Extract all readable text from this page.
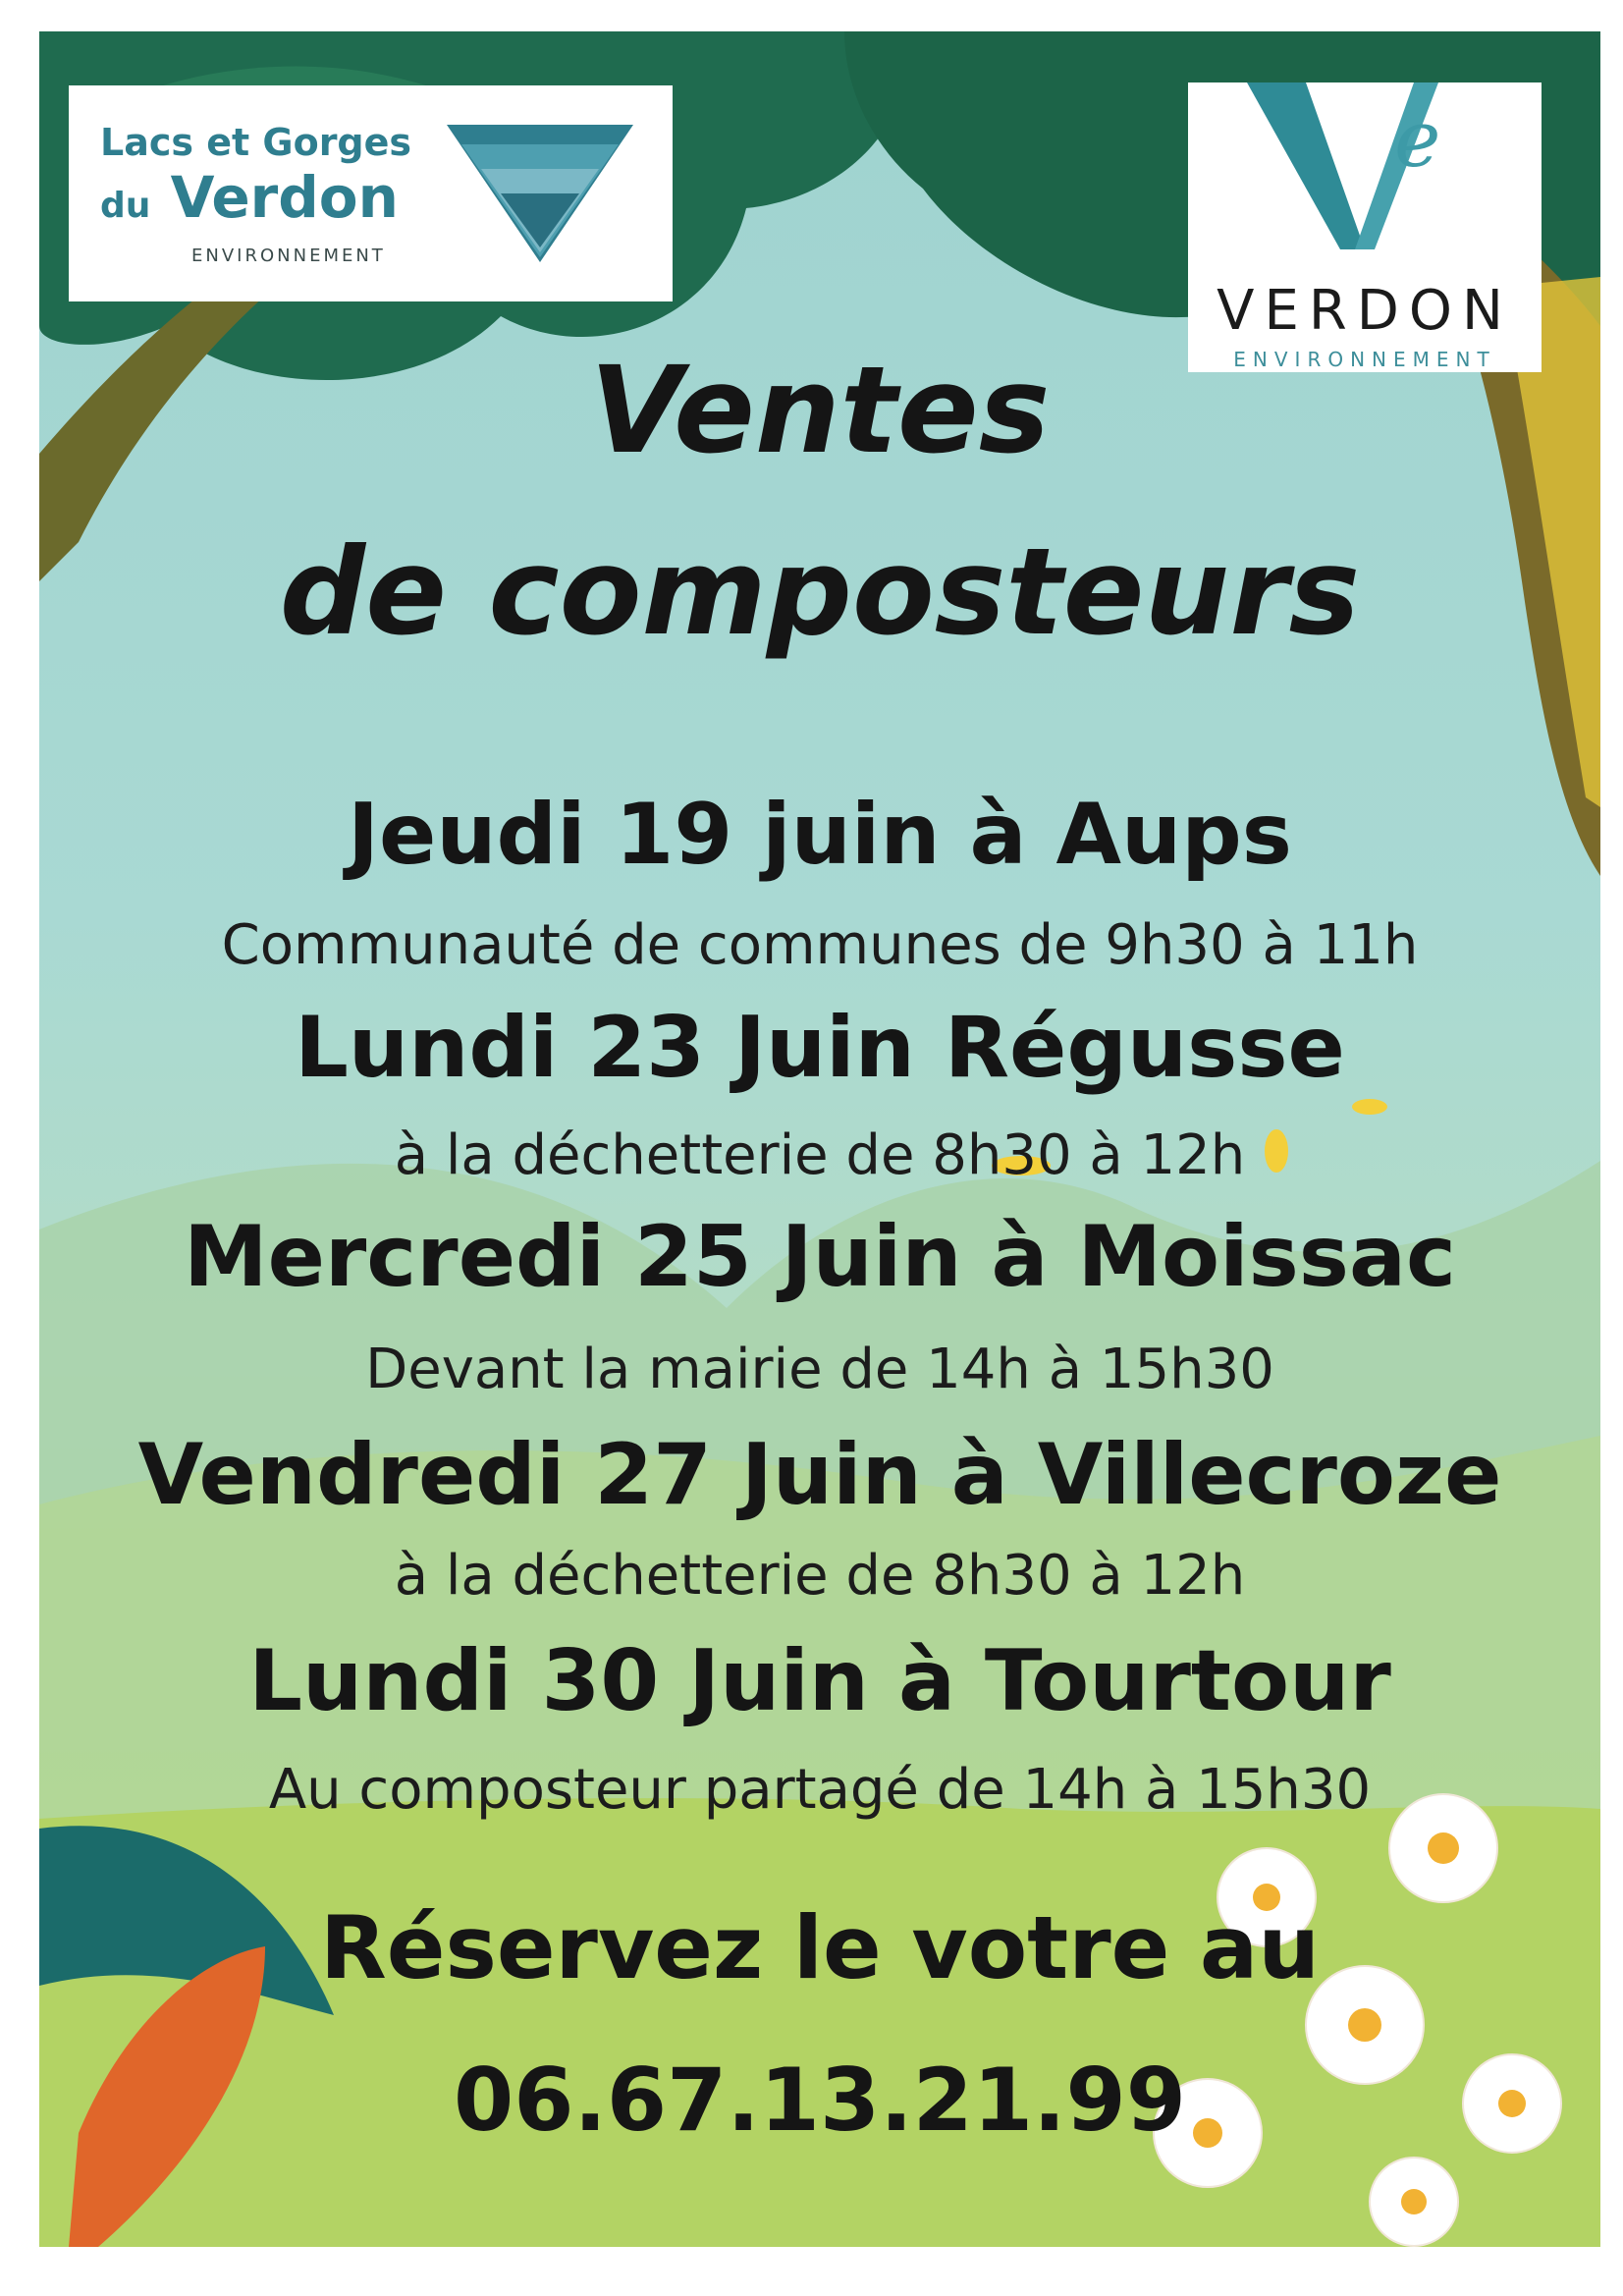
Lacs et Gorges
du Verdon
ENVIRONNEMENT
e
VERDON
ENVIRONNEMENT
Ventes
de composteurs
Jeudi 19 juin à Aups
Communauté de communes de 9h30 à 11h
Lundi 23 Juin Régusse
à la déchetterie de 8h30 à 12h
Mercredi 25 Juin à Moissac
Devant la mairie de 14h à 15h30
Vendredi 27 Juin à Villecroze
à la déchetterie de 8h30 à 12h
Lundi 30 Juin à Tourtour
Au composteur partagé de 14h à 15h30
Réservez le votre au
06.67.13.21.99
